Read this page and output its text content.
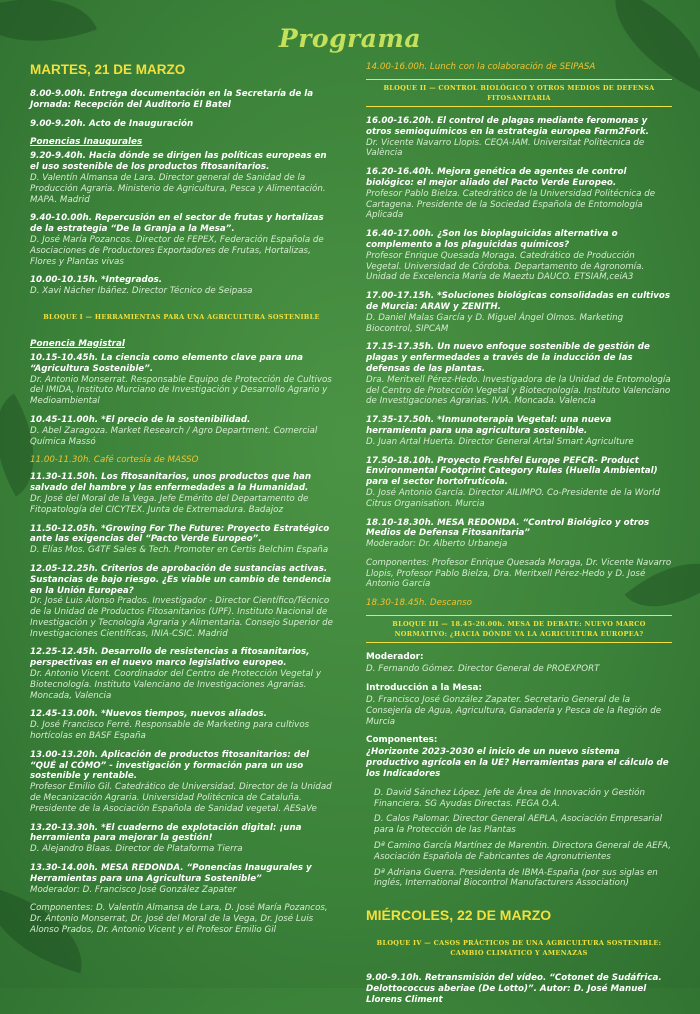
Programa
MARTES, 21 DE MARZO
8.00-9.00h. Entrega documentación en la Secretaría de la Jornada: Recepción del Auditorio El Batel
9.00-9.20h. Acto de Inauguración
Ponencias Inaugurales
9.20-9.40h. Hacia dónde se dirigen las políticas europeas en el uso sostenible de los productos fitosanitarios.
D. Valentín Almansa de Lara. Director general de Sanidad de la Producción Agraria. Ministerio de Agricultura, Pesca y Alimentación. MAPA. Madrid
9.40-10.00h. Repercusión en el sector de frutas y hortalizas de la estrategia “De la Granja a la Mesa”.
D. José María Pozancos. Director de FEPEX, Federación Española de Asociaciones de Productores Exportadores de Frutas, Hortalizas, Flores y Plantas vivas
10.00-10.15h. *Integrados.
D. Xavi Nácher Ibáñez. Director Técnico de Seipasa
BLOQUE I — HERRAMIENTAS PARA UNA AGRICULTURA SOSTENIBLE
Ponencia Magistral
10.15-10.45h. La ciencia como elemento clave para una “Agricultura Sostenible”.
Dr. Antonio Monserrat. Responsable Equipo de Protección de Cultivos del IMIDA, Instituto Murciano de Investigación y Desarrollo Agrario y Medioambiental
10.45-11.00h. *El precio de la sostenibilidad.
D. Abel Zaragoza. Market Research / Agro Department. Comercial Química Massó
11.00-11.30h. Café cortesía de MASSO
11.30-11.50h. Los fitosanitarios, unos productos que han salvado del hambre y las enfermedades a la Humanidad.
Dr. José del Moral de la Vega. Jefe Emérito del Departamento de Fitopatología del CICYTEX. Junta de Extremadura. Badajoz
11.50-12.05h. *Growing For The Future: Proyecto Estratégico ante las exigencias del “Pacto Verde Europeo”.
D. Elías Mos. G4TF Sales & Tech. Promoter en Certis Belchim España
12.05-12.25h. Criterios de aprobación de sustancias activas. Sustancias de bajo riesgo. ¿Es viable un cambio de tendencia en la Unión Europea?
Dr. José Luis Alonso Prados. Investigador - Director Científico/Técnico de la Unidad de Productos Fitosanitarios (UPF). Instituto Nacional de Investigación y Tecnología Agraria y Alimentaria. Consejo Superior de Investigaciones Científicas, INIA-CSIC. Madrid
12.25-12.45h. Desarrollo de resistencias a fitosanitarios, perspectivas en el nuevo marco legislativo europeo.
Dr. Antonio Vicent. Coordinador del Centro de Protección Vegetal y Biotecnología. Instituto Valenciano de Investigaciones Agrarias. Moncada, Valencia
12.45-13.00h. *Nuevos tiempos, nuevos aliados.
D. José Francisco Ferré. Responsable de Marketing para cultivos hortícolas en BASF España
13.00-13.20h. Aplicación de productos fitosanitarios: del “QUÉ al CÓMO” - investigación y formación para un uso sostenible y rentable.
Profesor Emilio Gil. Catedrático de Universidad. Director de la Unidad de Mecanización Agraria. Universidad Politécnica de Cataluña. Presidente de la Asociación Española de Sanidad vegetal. AESaVe
13.20-13.30h. *El cuaderno de explotación digital: ¡una herramienta para mejorar la gestión!
D. Alejandro Blaas. Director de Plataforma Tierra
13.30-14.00h. MESA REDONDA. “Ponencias Inaugurales y Herramientas para una Agricultura Sostenible”
Moderador: D. Francisco José González Zapater
Componentes: D. Valentín Almansa de Lara, D. José María Pozancos, Dr. Antonio Monserrat, Dr. José del Moral de la Vega, Dr. José Luis Alonso Prados, Dr. Antonio Vicent y el Profesor Emilio Gil
14.00-16.00h. Lunch con la colaboración de SEIPASA
BLOQUE II — CONTROL BIOLÓGICO Y OTROS MEDIOS DE DEFENSA FITOSANITARIA
16.00-16.20h. El control de plagas mediante feromonas y otros semioquímicos en la estrategia europea Farm2Fork.
Dr. Vicente Navarro Llopis. CEQA-IAM. Universitat Politècnica de València
16.20-16.40h. Mejora genética de agentes de control biológico: el mejor aliado del Pacto Verde Europeo.
Profesor Pablo Bielza. Catedrático de la Universidad Politécnica de Cartagena. Presidente de la Sociedad Española de Entomología Aplicada
16.40-17.00h. ¿Son los bioplaguicidas alternativa o complemento a los plaguicidas químicos?
Profesor Enrique Quesada Moraga. Catedrático de Producción Vegetal. Universidad de Córdoba. Departamento de Agronomía. Unidad de Excelencia María de Maeztu DAUCO. ETSIAM,ceiA3
17.00-17.15h. *Soluciones biológicas consolidadas en cultivos de Murcia: ARAW y ZENITH.
D. Daniel Malas García y D. Miguel Ángel Olmos. Marketing Biocontrol, SIPCAM
17.15-17.35h. Un nuevo enfoque sostenible de gestión de plagas y enfermedades a través de la inducción de las defensas de las plantas.
Dra. Meritxell Pérez-Hedo. Investigadora de la Unidad de Entomología del Centro de Protección Vegetal y Biotecnología. Instituto Valenciano de Investigaciones Agrarias. IVIA. Moncada. Valencia
17.35-17.50h. *Inmunoterapia Vegetal: una nueva herramienta para una agricultura sostenible.
D. Juan Artal Huerta. Director General Artal Smart Agriculture
17.50-18.10h. Proyecto Freshfel Europe PEFCR- Product Environmental Footprint Category Rules (Huella Ambiental) para el sector hortofrutícola.
D. José Antonio García. Director AILIMPO. Co-Presidente de la World Citrus Organisation. Murcia
18.10-18.30h. MESA REDONDA. “Control Biológico y otros Medios de Defensa Fitosanitaria”
Moderador: Dr. Alberto Urbaneja
Componentes: Profesor Enrique Quesada Moraga, Dr. Vicente Navarro Llopis, Profesor Pablo Bielza, Dra. Meritxell Pérez-Hedo y D. José Antonio García
18.30-18.45h. Descanso
BLOQUE III — 18.45-20.00h. MESA DE DEBATE: NUEVO MARCO NORMATIVO: ¿HACIA DÓNDE VA LA AGRICULTURA EUROPEA?
Moderador:
D. Fernando Gómez. Director General de PROEXPORT
Introducción a la Mesa:
D. Francisco José González Zapater. Secretario General de la Consejería de Agua, Agricultura, Ganadería y Pesca de la Región de Murcia
Componentes:
¿Horizonte 2023-2030 el inicio de un nuevo sistema productivo agrícola en la UE? Herramientas para el cálculo de los Indicadores
D. David Sánchez López. Jefe de Área de Innovación y Gestión Financiera. SG Ayudas Directas. FEGA O.A.
D. Calos Palomar. Director General AEPLA, Asociación Empresarial para la Protección de las Plantas
Dª Camino García Martínez de Marentin. Directora General de AEFA, Asociación Española de Fabricantes de Agronutrientes
Dª Adriana Guerra. Presidenta de IBMA-España (por sus siglas en inglés, International Biocontrol Manufacturers Association)
MIÉRCOLES, 22 DE MARZO
BLOQUE IV — CASOS PRÁCTICOS DE UNA AGRICULTURA SOSTENIBLE: CAMBIO CLIMÁTICO Y AMENAZAS
9.00-9.10h. Retransmisión del vídeo. “Cotonet de Sudáfrica. Delottococcus aberiae (De Lotto)”. Autor: D. José Manuel Llorens Climent
